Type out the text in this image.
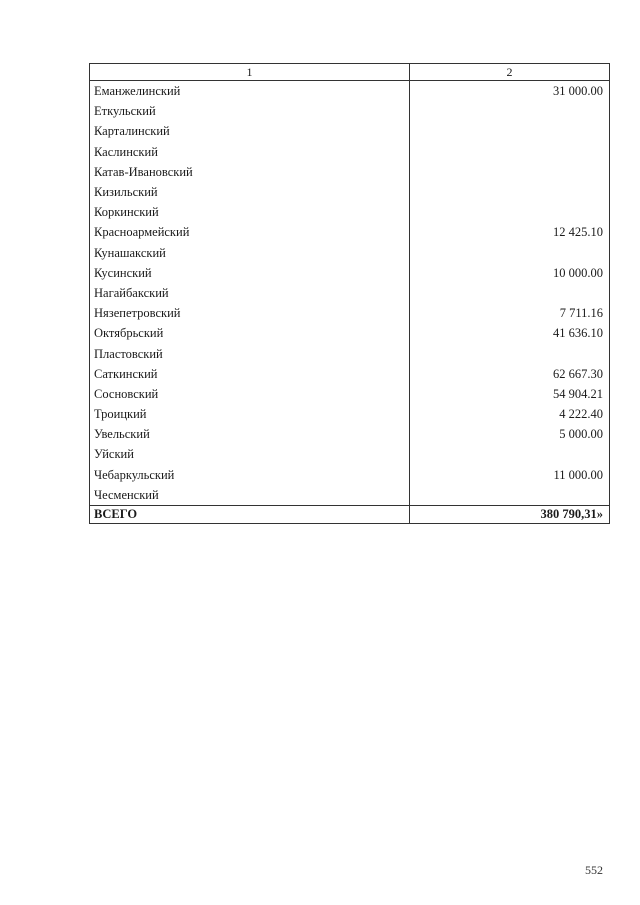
1	2
Еманжелинский	31 000.00
Еткульский	
Карталинский	
Каслинский	
Катав-Ивановский	
Кизильский	
Коркинский	
Красноармейский	12 425.10
Кунашакский	
Кусинский	10 000.00
Нагайбакский	
Нязепетровский	7 711.16
Октябрьский	41 636.10
Пластовский	
Саткинский	62 667.30
Сосновский	54 904.21
Троицкий	4 222.40
Увельский	5 000.00
Уйский	
Чебаркульский	11 000.00
Чесменский	
ВСЕГО	380 790,31»
552
